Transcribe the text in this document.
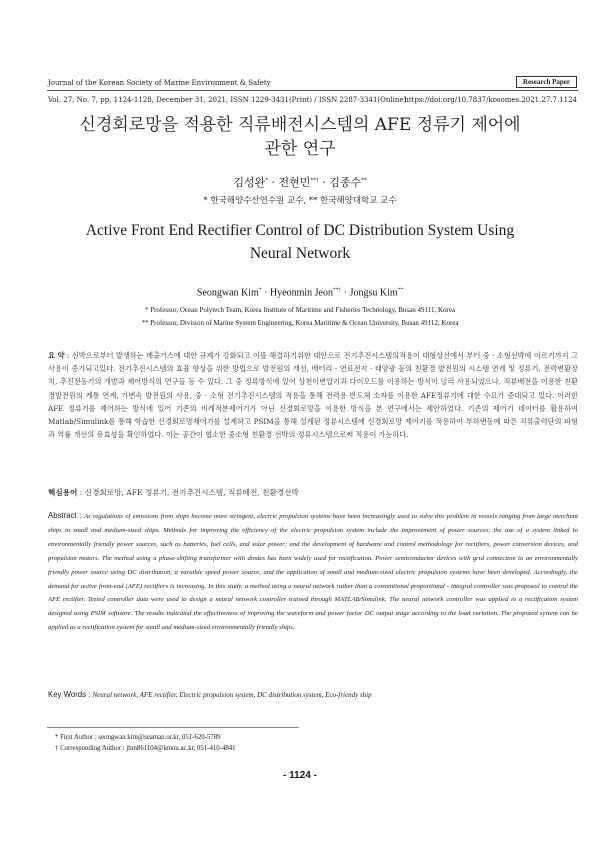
Journal of the Korean Society of Marine Environment & Safety
Vol. 27, No. 7, pp. 1124-1128, December 31, 2021, ISSN 1229-3431(Print) / ISSN 2287-3341(Online)
Research Paper
https://doi.org/10.7837/kosomes.2021.27.7.1124
신경회로망을 적용한 직류배전시스템의 AFE 정류기 제어에
관한 연구
김성완* · 전현민**† · 김종수**
* 한국해양수산연수원 교수, ** 한국해양대학교 교수
Active Front End Rectifier Control of DC Distribution System Using
Neural Network
Seongwan Kim* · Hyeonmin Jeon**† · Jongsu Kim**
* Professor, Ocean Polytech Team, Korea Institute of Maritime and Fisheries Technology, Busan 49111, Korea
** Professor, Division of Marine System Engineering, Korea Maritime & Ocean University, Busan 49112, Korea
요 약 : 선박으로부터 발생하는 배출가스에 대한 규제가 강화되고 이를 해결하기위한 대안으로 전기추진시스템의적용이 대형상선에서 부터 중 · 소형선박에 이르기까지 그 사용이 증가되고있다. 전기추진시스템의 효율 향상을 위한 방법으로 발전원의 개선, 배터리 · 연료전지 · 태양광 등의 친환경 발전원의 시스템 연계 및 정류기, 전력변환장치, 추진전동기의 개발과 제어방식의 연구들 등 수 있다. 그 중 정류방식에 있어 상천이변압기과 다이오드를 이용하는 방식이 널리 사용되었으나, 직류배전을 이용한 친환경발전원의 계통 연계, 가변속 발전원의 사용, 중 · 소형 전기추진시스템의 적용을 통해 전력용 반도체 소자를 이용한 AFE정류기에 대한 수요가 증대되고 있다. 이러한 AFE 정류기를 제어하는 방식에 있어 기존의 비례적분제어기가 아닌 신경회로망을 이용한 방식을 본 연구에서는 제안하였다. 기존의 제어기 데이터를 활용하여 Matlab/Simulink를 통해 학습한 신경회로망제어기를 설계하고 PSIM을 통해 설계된 정류시스템에 신경회로망 제어기를 적용하여 부하변동에 따른 직류출력단의 파형과 역률 개선의 유효성을 확인하였다. 이는 공간이 협소한 중소형 친환경 선박의 정류시스템으로써 적용이 가능하다.
핵심용어 : 신경회로망, AFE 정류기, 전기추진시스템, 직류배전, 친환경선박
Abstract : As regulations of emissions from ships become more stringent, electric propulsion systems have been increasingly used to solve this problem in vessels ranging from large merchant ships to small and medium-sized ships. Methods for improving the efficiency of the electric propulsion system include the improvement of power sources; the use of a system linked to environmentally friendly power sources, such as batteries, fuel cells, and solar power; and the development of hardware and control methodology for rectifiers, power conversion devices, and propulsion motors. The method using a phase-shifting transformer with diodes has been widely used for rectification. Power semiconductor devices with grid connection to an environmentally friendly power source using DC distribution, a variable speed power source, and the application of small and medium-sized electric propulsion systems have been developed. Accordingly, the demand for active front-end (AFE) rectifiers is increasing. In this study, a method using a neural network rather than a conventional proportional - integral controller was proposed to control the AFE rectifier. Tested controller data were used to design a neural network controller trained through MATLAB/Simulink. The neural network controller was applied to a rectification system designed using PSIM software. The results indicated the effectiveness of improving the waveform and power factor DC output stage according to the load variation. The proposed system can be applied as a rectification system for small and medium-sized environmentally friendly ships.
Key Words : Neural network, AFE rectifier, Electric propulsion system, DC distribution system, Eco-friendy ship
* First Author : seongwan.kim@seaman.or.kr, 051-620-5789
† Corresponding Author : jhm861104@kmou.ac.kr, 051-410-4841
- 1124 -
